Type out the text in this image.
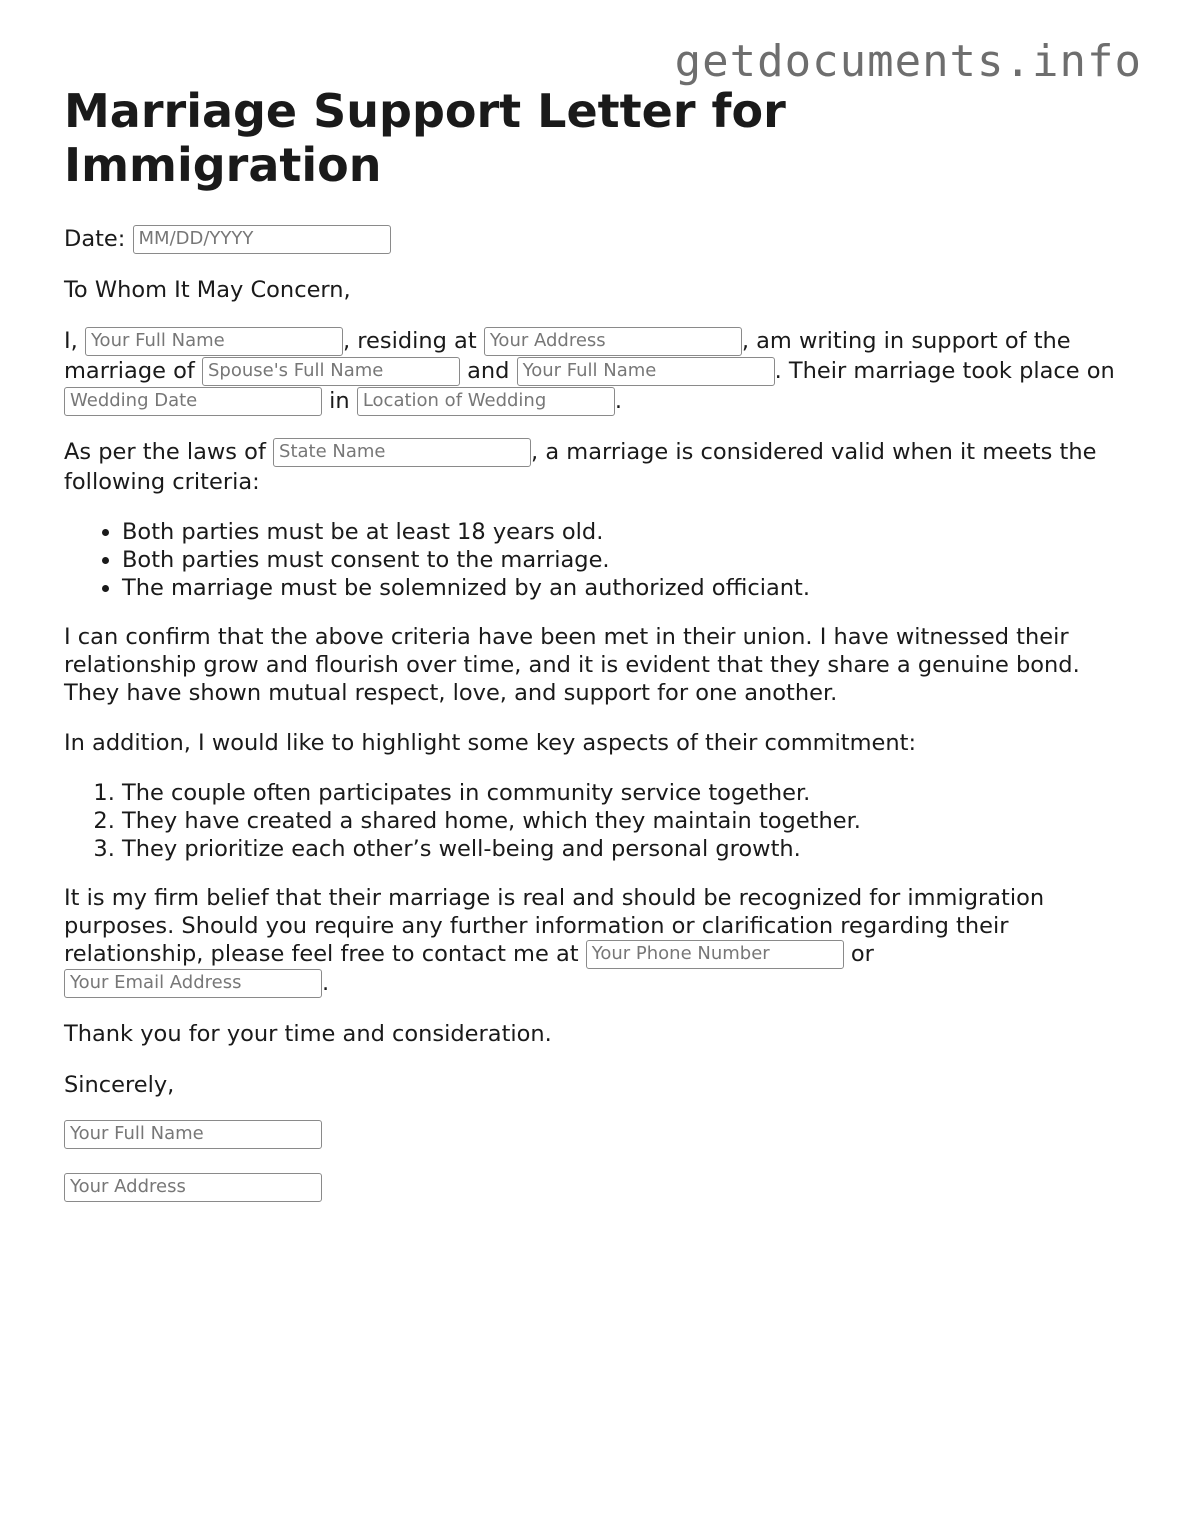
getdocuments.info
Marriage Support Letter for Immigration

Date: MM/DD/YYYY

To Whom It May Concern,

I, Your Full Name	, residing at Your Address	, am writing in support of the marriage of Spouse's Full Name	and Your Full Name	. Their marriage took place on Wedding Date	in Location of Wedding	.

As per the laws of State Name	, a marriage is considered valid when it meets the following criteria:

• Both parties must be at least 18 years old.
• Both parties must consent to the marriage.
• The marriage must be solemnized by an authorized officiant.

I can confirm that the above criteria have been met in their union. I have witnessed their relationship grow and flourish over time, and it is evident that they share a genuine bond. They have shown mutual respect, love, and support for one another.

In addition, I would like to highlight some key aspects of their commitment:

1. The couple often participates in community service together.
2. They have created a shared home, which they maintain together.
3. They prioritize each other’s well-being and personal growth.

It is my firm belief that their marriage is real and should be recognized for immigration purposes. Should you require any further information or clarification regarding their relationship, please feel free to contact me at Your Phone Number	or Your Email Address	.

Thank you for your time and consideration.

Sincerely,

Your Full Name
Your Address
